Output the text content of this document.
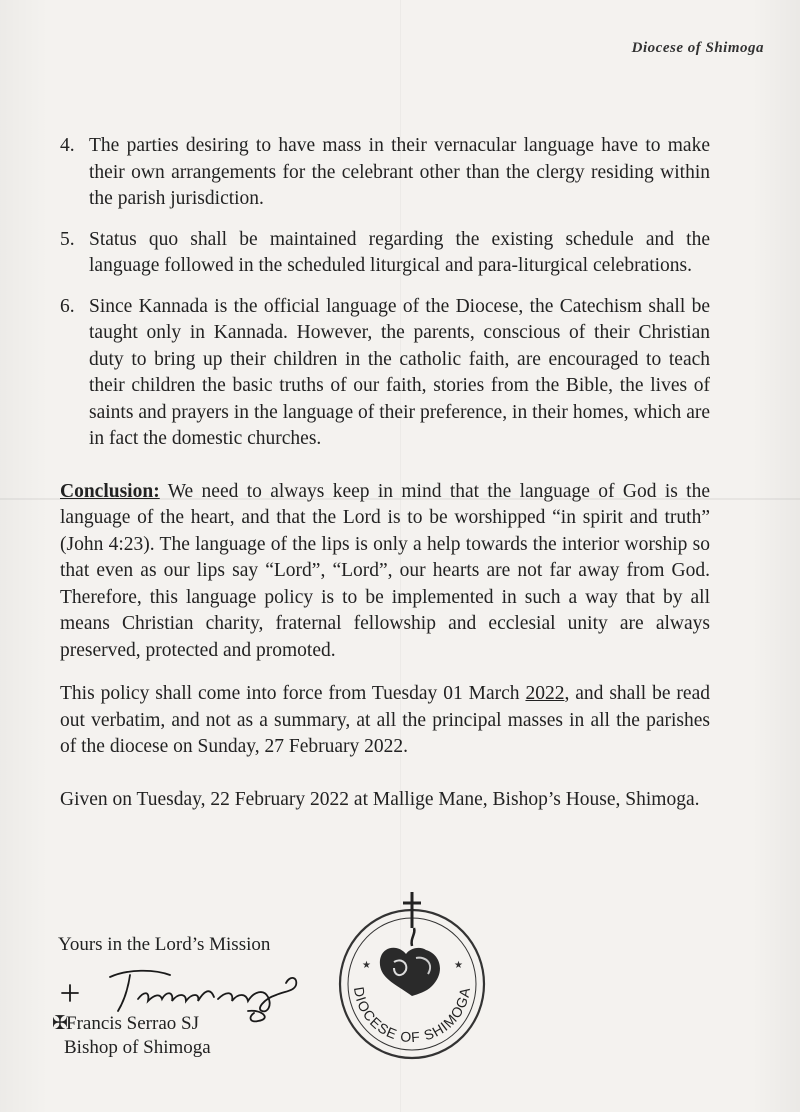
Diocese of Shimoga
4. The parties desiring to have mass in their vernacular language have to make their own arrangements for the celebrant other than the clergy residing within the parish jurisdiction.
5. Status quo shall be maintained regarding the existing schedule and the language followed in the scheduled liturgical and para-liturgical celebrations.
6. Since Kannada is the official language of the Diocese, the Catechism shall be taught only in Kannada. However, the parents, conscious of their Christian duty to bring up their children in the catholic faith, are encouraged to teach their children the basic truths of our faith, stories from the Bible, the lives of saints and prayers in the language of their preference, in their homes, which are in fact the domestic churches.

Conclusion: We need to always keep in mind that the language of God is the language of the heart, and that the Lord is to be worshipped “in spirit and truth” (John 4:23). The language of the lips is only a help towards the interior worship so that even as our lips say “Lord”, “Lord”, our hearts are not far away from God. Therefore, this language policy is to be implemented in such a way that by all means Christian charity, fraternal fellowship and ecclesial unity are always preserved, protected and promoted.

This policy shall come into force from Tuesday 01 March 2022, and shall be read out verbatim, and not as a summary, at all the principal masses in all the parishes of the diocese on Sunday, 27 February 2022.

Given on Tuesday, 22 February 2022 at Mallige Mane, Bishop’s House, Shimoga.

Yours in the Lord’s Mission
✠Francis Serrao SJ
Bishop of Shimoga
★	★
DIOCESE OF SHIMOGA
